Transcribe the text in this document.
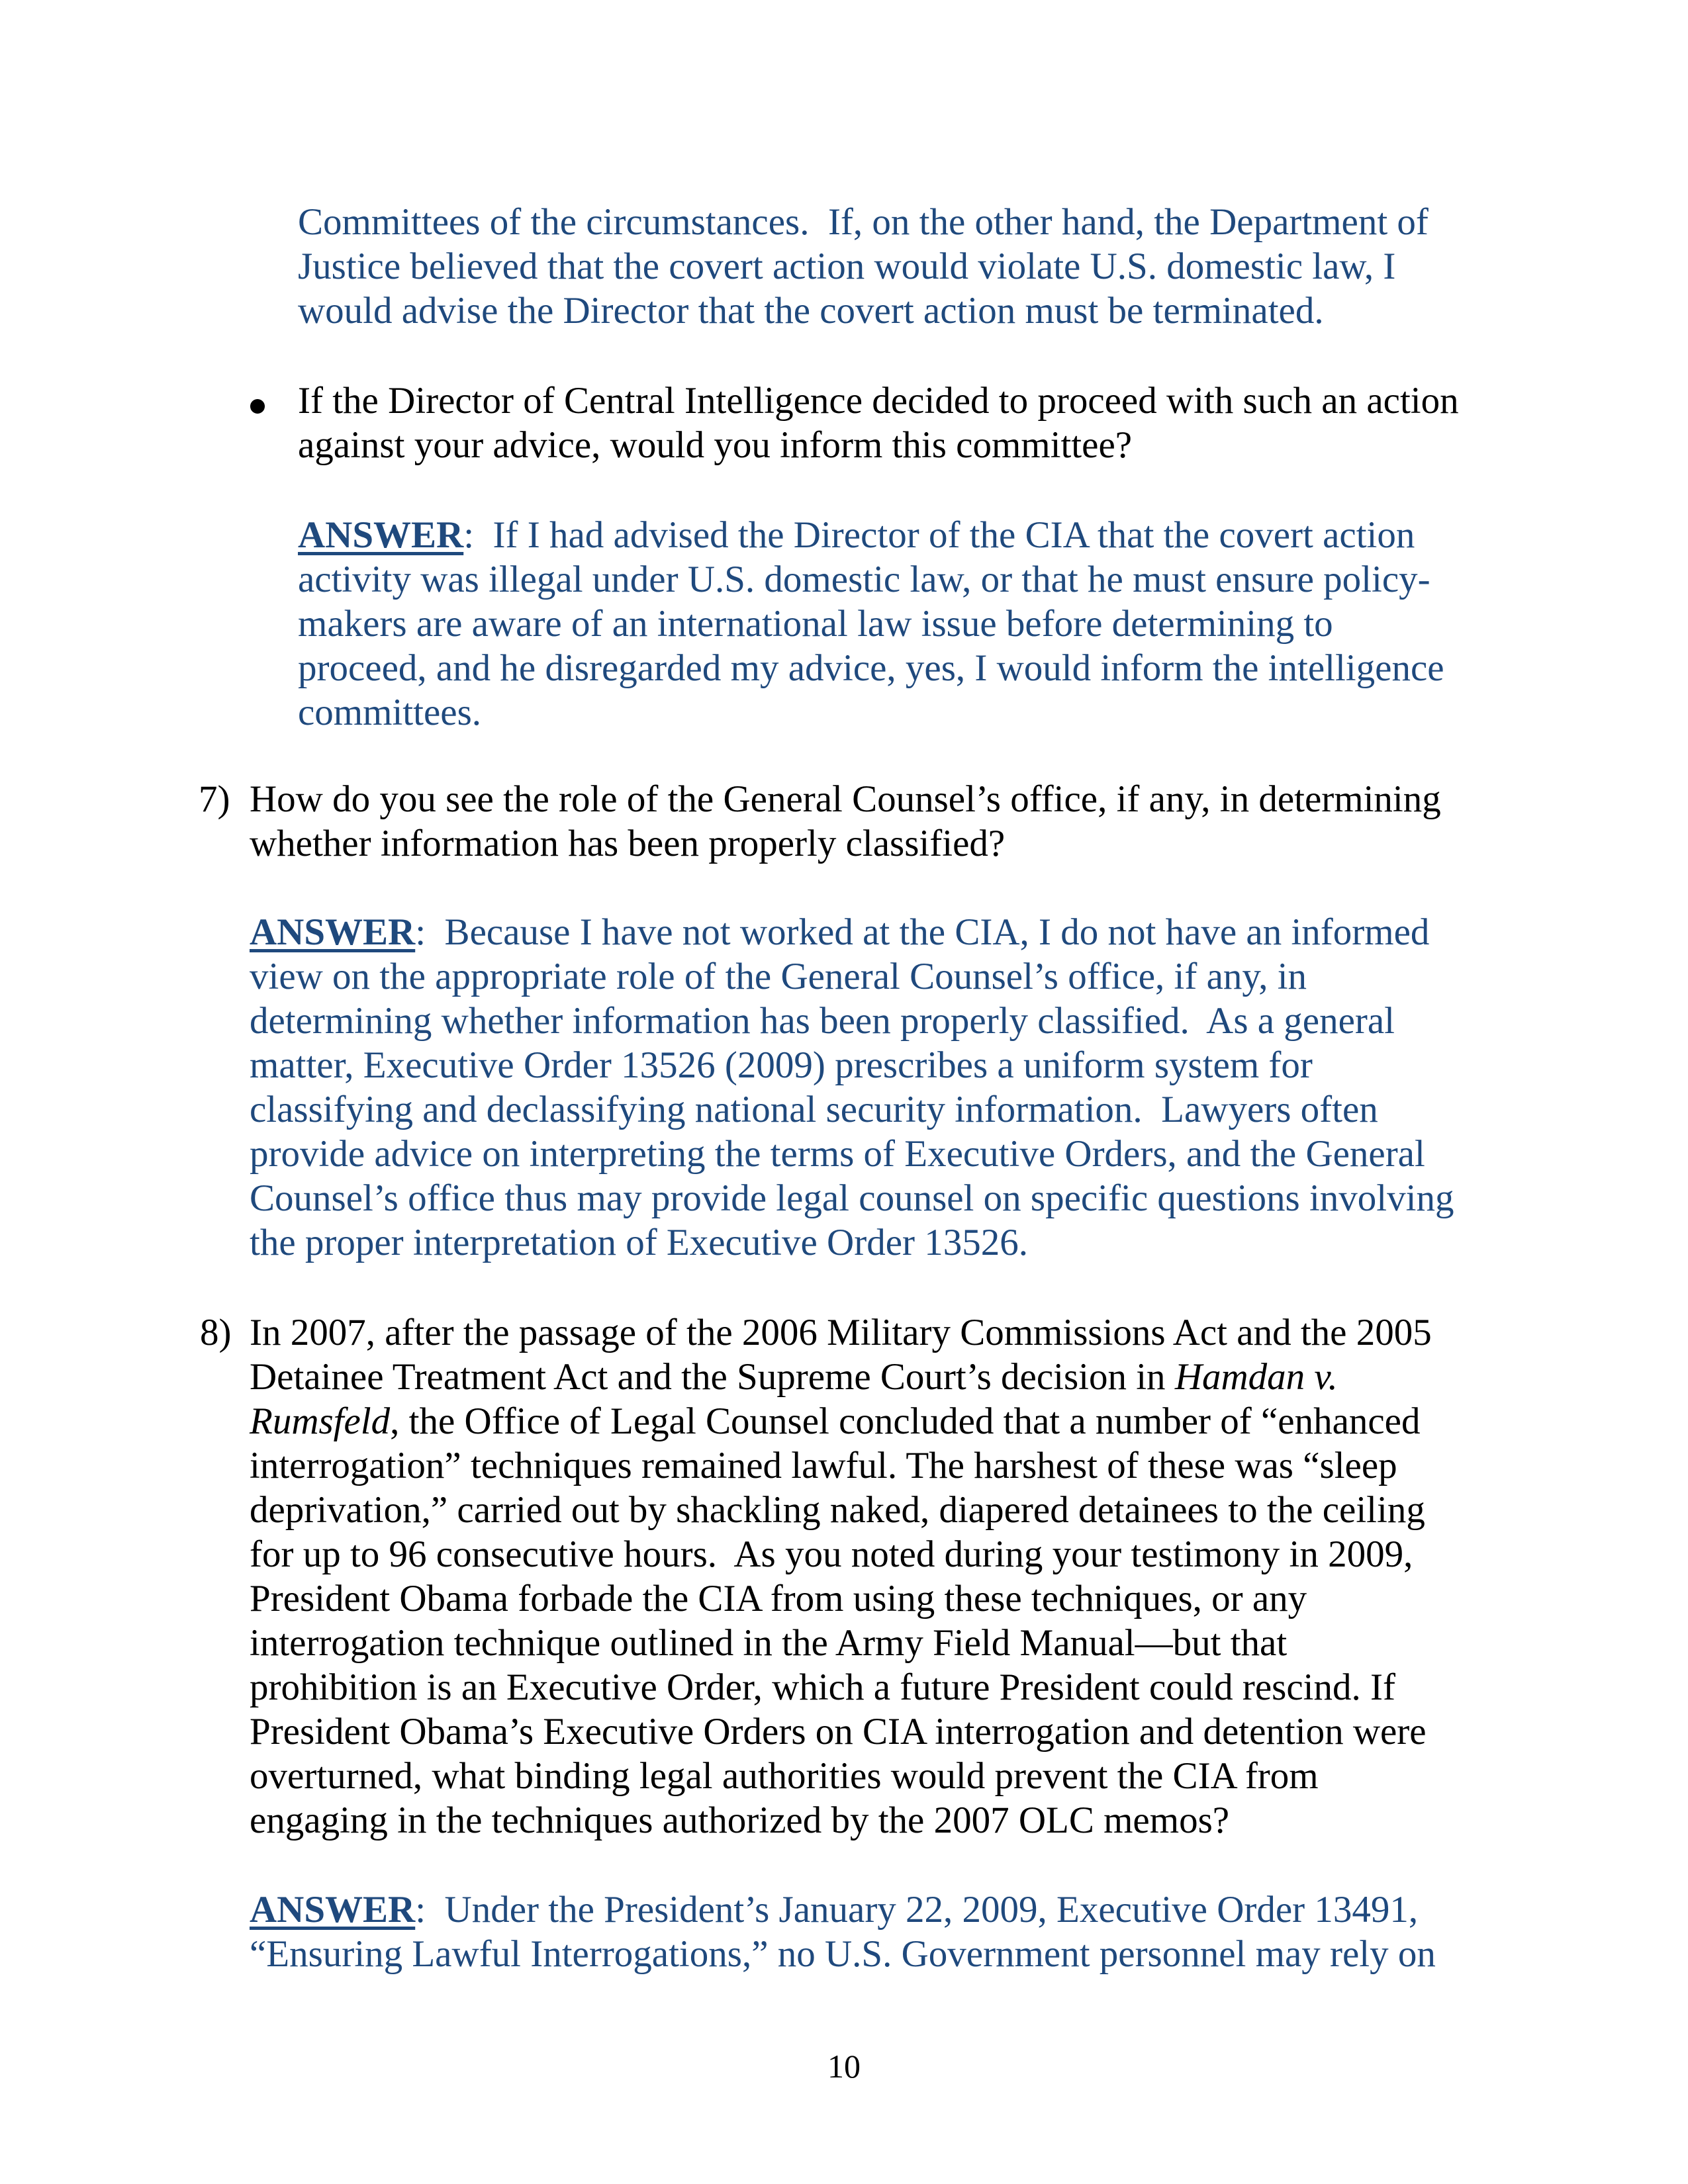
Committees of the circumstances.  If, on the other hand, the Department of
Justice believed that the covert action would violate U.S. domestic law, I
would advise the Director that the covert action must be terminated.
If the Director of Central Intelligence decided to proceed with such an action
against your advice, would you inform this committee?
ANSWER:  If I had advised the Director of the CIA that the covert action
activity was illegal under U.S. domestic law, or that he must ensure policy-
makers are aware of an international law issue before determining to
proceed, and he disregarded my advice, yes, I would inform the intelligence
committees.
7) How do you see the role of the General Counsel’s office, if any, in determining
whether information has been properly classified?
ANSWER:  Because I have not worked at the CIA, I do not have an informed
view on the appropriate role of the General Counsel’s office, if any, in
determining whether information has been properly classified.  As a general
matter, Executive Order 13526 (2009) prescribes a uniform system for
classifying and declassifying national security information.  Lawyers often
provide advice on interpreting the terms of Executive Orders, and the General
Counsel’s office thus may provide legal counsel on specific questions involving
the proper interpretation of Executive Order 13526.
8) In 2007, after the passage of the 2006 Military Commissions Act and the 2005
Detainee Treatment Act and the Supreme Court’s decision in Hamdan v.
Rumsfeld, the Office of Legal Counsel concluded that a number of “enhanced
interrogation” techniques remained lawful. The harshest of these was “sleep
deprivation,” carried out by shackling naked, diapered detainees to the ceiling
for up to 96 consecutive hours.  As you noted during your testimony in 2009,
President Obama forbade the CIA from using these techniques, or any
interrogation technique outlined in the Army Field Manual—but that
prohibition is an Executive Order, which a future President could rescind. If
President Obama’s Executive Orders on CIA interrogation and detention were
overturned, what binding legal authorities would prevent the CIA from
engaging in the techniques authorized by the 2007 OLC memos?
ANSWER:  Under the President’s January 22, 2009, Executive Order 13491,
“Ensuring Lawful Interrogations,” no U.S. Government personnel may rely on
10
